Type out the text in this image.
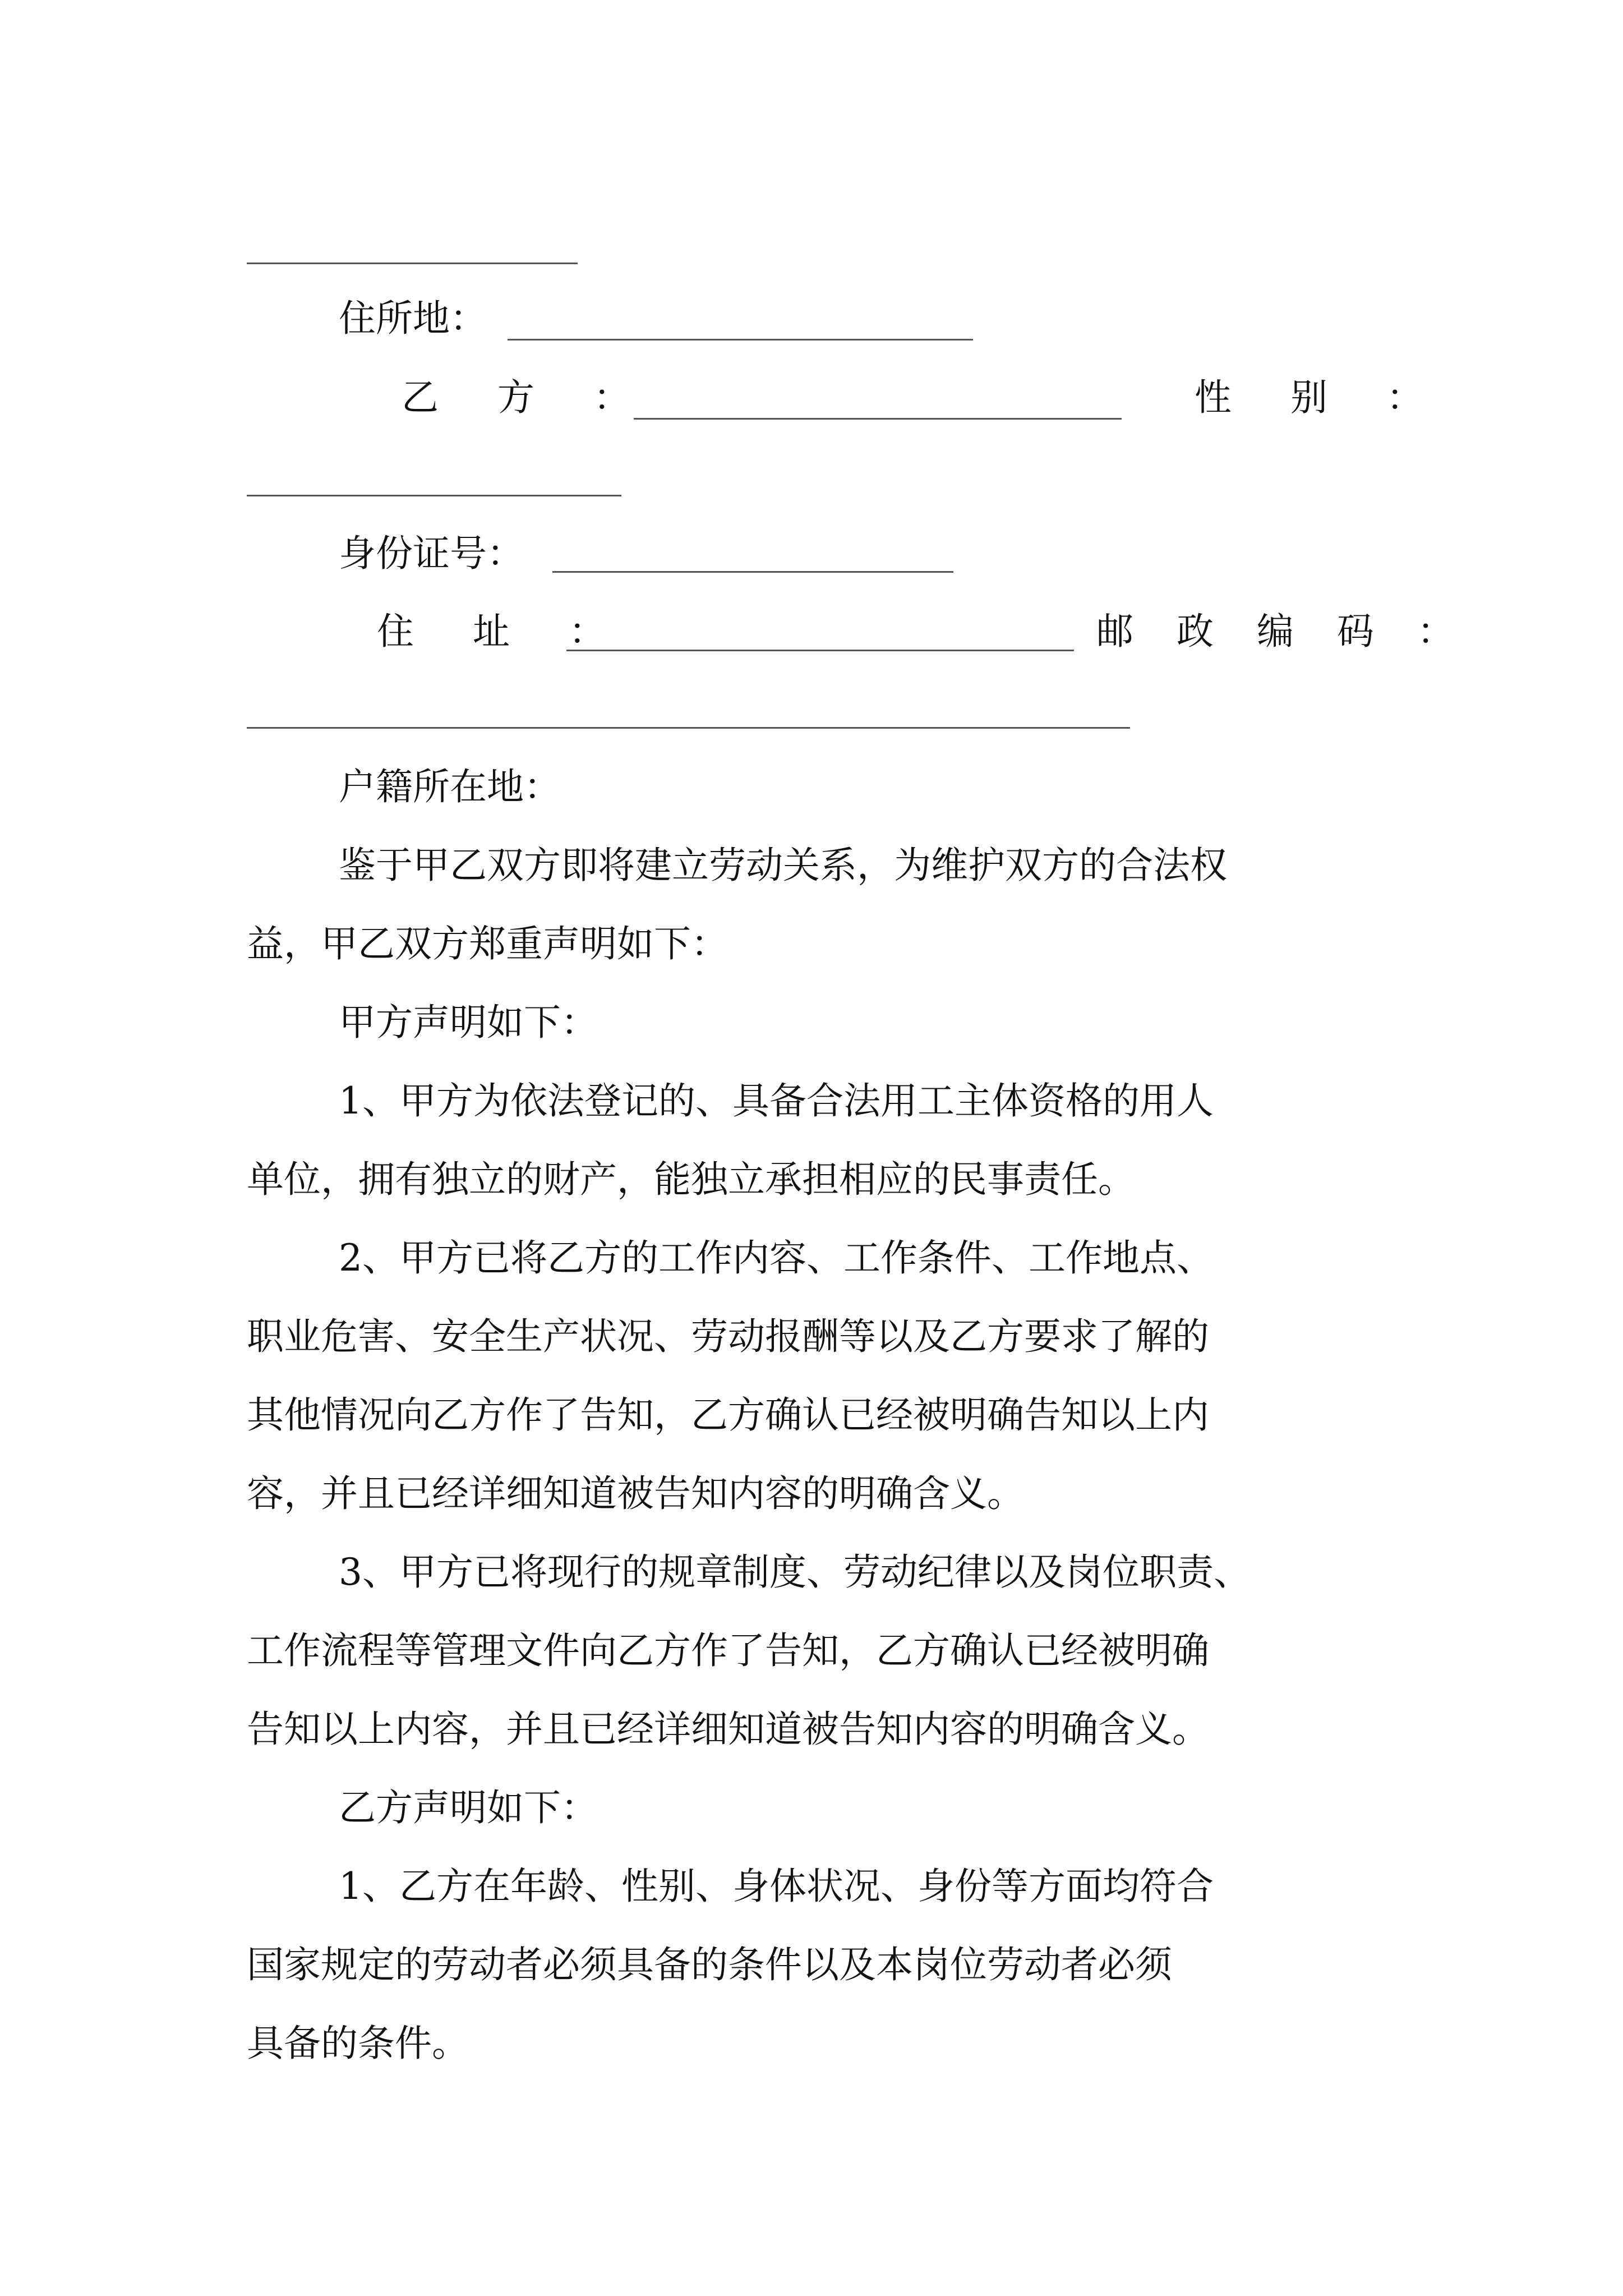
住所地：
乙 方 ：	性 别 ：
身份证号：
住 址 ：	邮 政 编 码 ：
户籍所在地：
鉴于甲乙双方即将建立劳动关系，为维护双方的合法权
益，甲乙双方郑重声明如下：
甲方声明如下：
1、甲方为依法登记的、具备合法用工主体资格的用人
单位，拥有独立的财产，能独立承担相应的民事责任。
2、甲方已将乙方的工作内容、工作条件、工作地点、
职业危害、安全生产状况、劳动报酬等以及乙方要求了解的
其他情况向乙方作了告知，乙方确认已经被明确告知以上内
容，并且已经详细知道被告知内容的明确含义。
3、甲方已将现行的规章制度、劳动纪律以及岗位职责、
工作流程等管理文件向乙方作了告知，乙方确认已经被明确
告知以上内容，并且已经详细知道被告知内容的明确含义。
乙方声明如下：
1、乙方在年龄、性别、身体状况、身份等方面均符合
国家规定的劳动者必须具备的条件以及本岗位劳动者必须
具备的条件。
